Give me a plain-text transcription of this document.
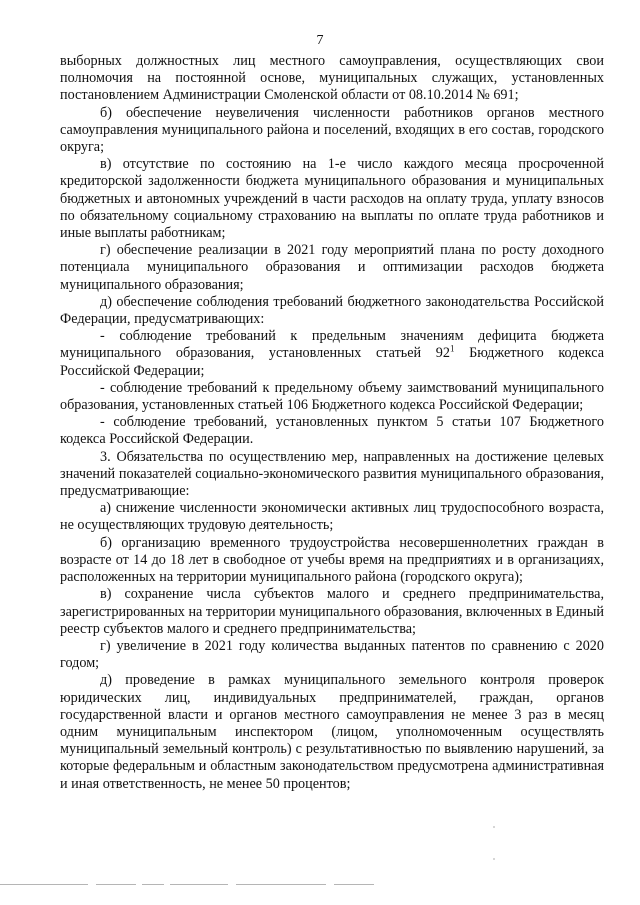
7

выборных должностных лиц местного самоуправления, осуществляющих свои полномочия на постоянной основе, муниципальных служащих, установленных постановлением Администрации Смоленской области от 08.10.2014 № 691;

б) обеспечение неувеличения численности работников органов местного самоуправления муниципального района и поселений, входящих в его состав, городского округа;

в) отсутствие по состоянию на 1-е число каждого месяца просроченной кредиторской задолженности бюджета муниципального образования и муниципальных бюджетных и автономных учреждений в части расходов на оплату труда, уплату взносов по обязательному социальному страхованию на выплаты по оплате труда работников и иные выплаты работникам;

г) обеспечение реализации в 2021 году мероприятий плана по росту доходного потенциала муниципального образования и оптимизации расходов бюджета муниципального образования;

д) обеспечение соблюдения требований бюджетного законодательства Российской Федерации, предусматривающих:

- соблюдение требований к предельным значениям дефицита бюджета муниципального образования, установленных статьей $92^1$ Бюджетного кодекса Российской Федерации;

- соблюдение требований к предельному объему заимствований муниципального образования, установленных статьей 106 Бюджетного кодекса Российской Федерации;

- соблюдение требований, установленных пунктом 5 статьи 107 Бюджетного кодекса Российской Федерации.

3. Обязательства по осуществлению мер, направленных на достижение целевых значений показателей социально-экономического развития муниципального образования, предусматривающие:

а) снижение численности экономически активных лиц трудоспособного возраста, не осуществляющих трудовую деятельность;

б) организацию временного трудоустройства несовершеннолетних граждан в возрасте от 14 до 18 лет в свободное от учебы время на предприятиях и в организациях, расположенных на территории муниципального района (городского округа);

в) сохранение числа субъектов малого и среднего предпринимательства, зарегистрированных на территории муниципального образования, включенных в Единый реестр субъектов малого и среднего предпринимательства;

г) увеличение в 2021 году количества выданных патентов по сравнению с 2020 годом;

д) проведение в рамках муниципального земельного контроля проверок юридических лиц, индивидуальных предпринимателей, граждан, органов государственной власти и органов местного самоуправления не менее 3 раз в месяц одним муниципальным инспектором (лицом, уполномоченным осуществлять муниципальный земельный контроль) с результативностью по выявлению нарушений, за которые федеральным и областным законодательством предусмотрена административная и иная ответственность, не менее 50 процентов;
